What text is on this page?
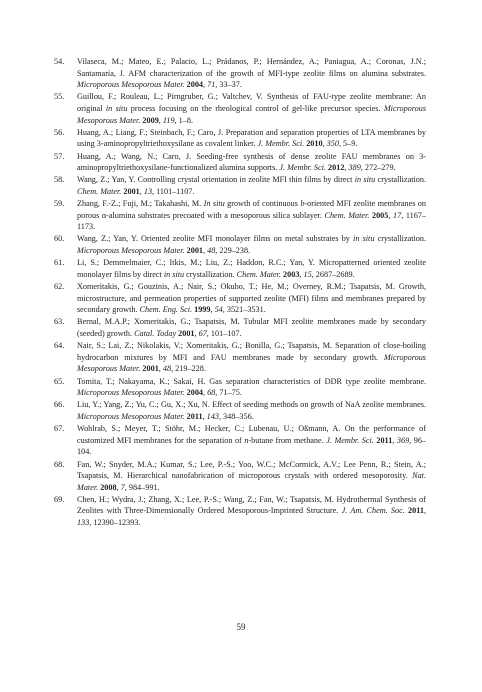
54. Vilaseca, M.; Mateo, E.; Palacio, L.; Prádanos, P.; Hernández, A.; Paniagua, A.; Coronas, J.N.; Santamaría, J. AFM characterization of the growth of MFI-type zeolite films on alumina substrates. Microporous Mesoporous Mater. 2004, 71, 33–37.
55. Guillou, F.; Rouleau, L.; Pirngruber, G.; Valtchev, V. Synthesis of FAU-type zeolite membrane: An original in situ process focusing on the rheological control of gel-like precursor species. Microporous Mesoporous Mater. 2009, 119, 1–8.
56. Huang, A.; Liang, F.; Steinbach, F.; Caro, J. Preparation and separation properties of LTA membranes by using 3-aminopropyltriethoxysilane as covalent linker. J. Membr. Sci. 2010, 350, 5–9.
57. Huang, A.; Wang, N.; Caro, J. Seeding-free synthesis of dense zeolite FAU membranes on 3-aminopropyltriethoxysilane-functionalized alumina supports. J. Membr. Sci. 2012, 389, 272–279.
58. Wang, Z.; Yan, Y. Controlling crystal orientation in zeolite MFI thin films by direct in situ crystallization. Chem. Mater. 2001, 13, 1101–1107.
59. Zhang, F.-Z.; Fuji, M.; Takahashi, M. In situ growth of continuous b-oriented MFI zeolite membranes on porous α-alumina substrates precoated with a mesoporous silica sublayer. Chem. Mater. 2005, 17, 1167–1173.
60. Wang, Z.; Yan, Y. Oriented zeolite MFI monolayer films on metal substrates by in situ crystallization. Microporous Mesoporous Mater. 2001, 48, 229–238.
61. Li, S.; Demmelmaier, C.; Itkis, M.; Liu, Z.; Haddon, R.C.; Yan, Y. Micropatterned oriented zeolite monolayer films by direct in situ crystallization. Chem. Mater. 2003, 15, 2687–2689.
62. Xomeritakis, G.; Gouzinis, A.; Nair, S.; Okubo, T.; He, M.; Overney, R.M.; Tsapatsis, M. Growth, microstructure, and permeation properties of supported zeolite (MFI) films and membranes prepared by secondary growth. Chem. Eng. Sci. 1999, 54, 3521–3531.
63. Bernal, M.A.P.; Xomeritakis, G.; Tsapatsis, M. Tubular MFI zeolite membranes made by secondary (seeded) growth. Catal. Today 2001, 67, 101–107.
64. Nair, S.; Lai, Z.; Nikolakis, V.; Xomeritakis, G.; Bonilla, G.; Tsapatsis, M. Separation of close-boiling hydrocarbon mixtures by MFI and FAU membranes made by secondary growth. Microporous Mesoporous Mater. 2001, 48, 219–228.
65. Tomita, T.; Nakayama, K.; Sakai, H. Gas separation characteristics of DDR type zeolite membrane. Microporous Mesoporous Mater. 2004, 68, 71–75.
66. Liu, Y.; Yang, Z.; Yu, C.; Gu, X.; Xu, N. Effect of seeding methods on growth of NaA zeolite membranes. Microporous Mesoporous Mater. 2011, 143, 348–356.
67. Wohlrab, S.; Meyer, T.; Stöhr, M.; Hecker, C.; Lubenau, U.; Oßmann, A. On the performance of customized MFI membranes for the separation of n-butane from methane. J. Membr. Sci. 2011, 369, 96–104.
68. Fan, W.; Snyder, M.A.; Kumar, S.; Lee, P.-S.; Yoo, W.C.; McCormick, A.V.; Lee Penn, R.; Stein, A.; Tsapatsis, M. Hierarchical nanofabrication of microporous crystals with ordered mesoporosity. Nat. Mater. 2008, 7, 984–991.
69. Chen, H.; Wydra, J.; Zhang, X.; Lee, P.-S.; Wang, Z.; Fan, W.; Tsapatsis, M. Hydrothermal Synthesis of Zeolites with Three-Dimensionally Ordered Mesoporous-Imprinted Structure. J. Am. Chem. Soc. 2011, 133, 12390–12393.
59
